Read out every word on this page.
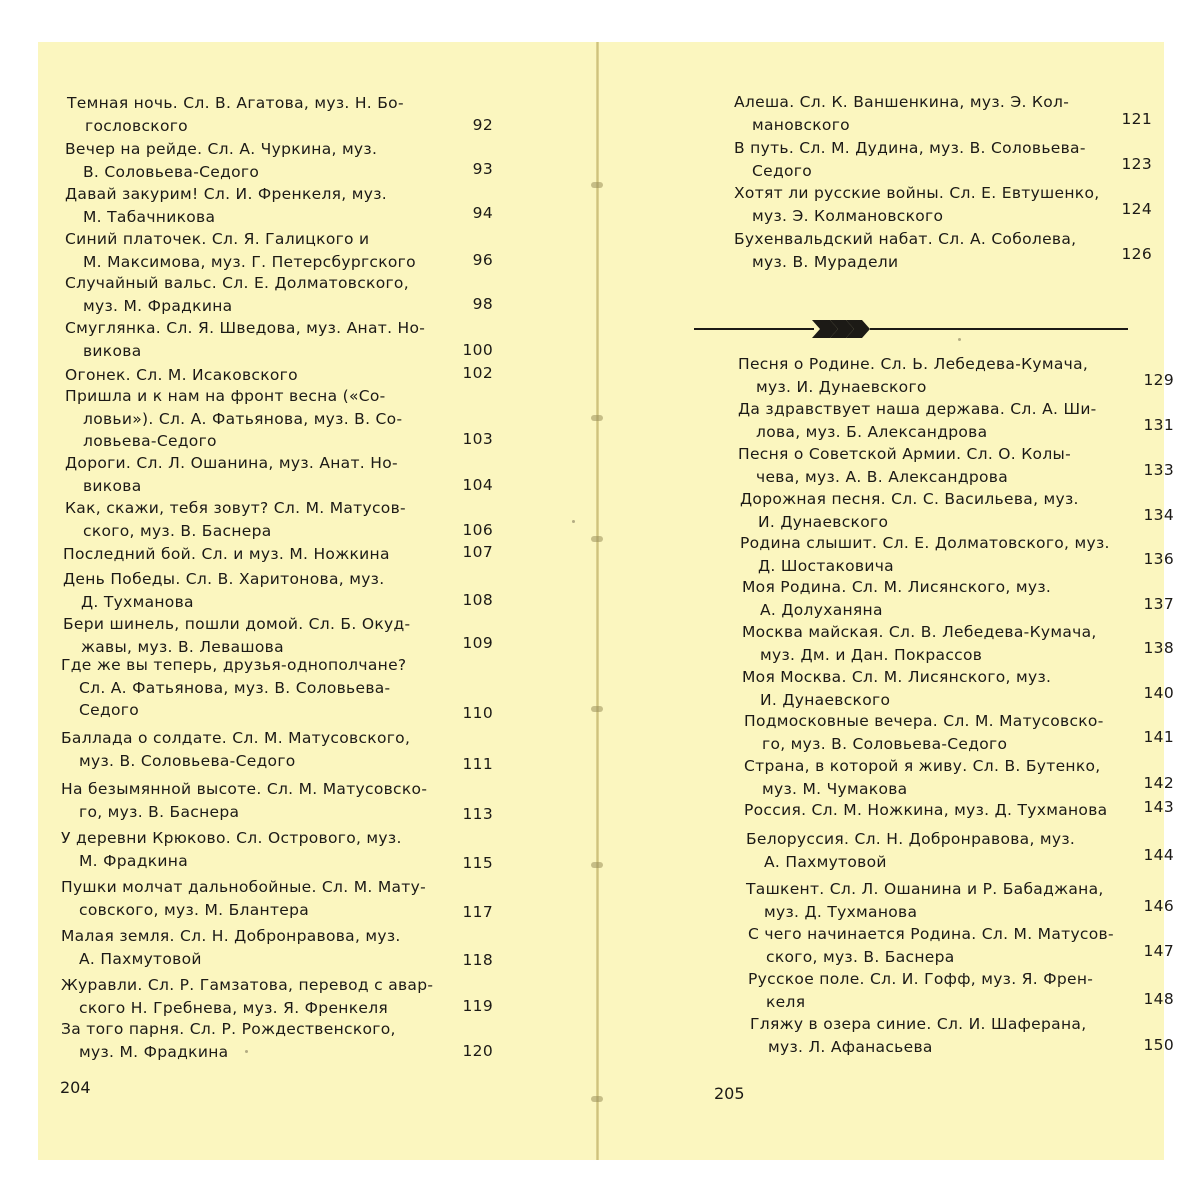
Темная ночь. Сл. В. Агатова, муз. Н. Бо-
гословского	92
Вечер на рейде. Сл. А. Чуркина, муз.
В. Соловьева-Седого	93
Давай закурим! Сл. И. Френкеля, муз.
М. Табачникова	94
Синий платочек. Сл. Я. Галицкого и
М. Максимова, муз. Г. Петерсбургского	96
Случайный вальс. Сл. Е. Долматовского,
муз. М. Фрадкина	98
Смуглянка. Сл. Я. Шведова, муз. Анат. Но-
викова	100
Огонек. Сл. М. Исаковского	102
Пришла и к нам на фронт весна («Со-
ловьи»). Сл. А. Фатьянова, муз. В. Со-
ловьева-Седого	103
Дороги. Сл. Л. Ошанина, муз. Анат. Но-
викова	104
Как, скажи, тебя зовут? Сл. М. Матусов-
ского, муз. В. Баснера	106
Последний бой. Сл. и муз. М. Ножкина	107
День Победы. Сл. В. Харитонова, муз.
Д. Тухманова	108
Бери шинель, пошли домой. Сл. Б. Окуд-
жавы, муз. В. Левашова	109
Где же вы теперь, друзья-однополчане?
Сл. А. Фатьянова, муз. В. Соловьева-
Седого	110
Баллада о солдате. Сл. М. Матусовского,
муз. В. Соловьева-Седого	111
На безымянной высоте. Сл. М. Матусовско-
го, муз. В. Баснера	113
У деревни Крюково. Сл. Острового, муз.
М. Фрадкина	115
Пушки молчат дальнобойные. Сл. М. Мату-
совского, муз. М. Блантера	117
Малая земля. Сл. Н. Добронравова, муз.
А. Пахмутовой	118
Журавли. Сл. Р. Гамзатова, перевод с авар-
ского Н. Гребнева, муз. Я. Френкеля	119
За того парня. Сл. Р. Рождественского,
муз. М. Фрадкина	120
204
Алеша. Сл. К. Ваншенкина, муз. Э. Кол-
мановского	121
В путь. Сл. М. Дудина, муз. В. Соловьева-
Седого	123
Хотят ли русские войны. Сл. Е. Евтушенко,
муз. Э. Колмановского	124
Бухенвальдский набат. Сл. А. Соболева,
муз. В. Мурадели	126
Песня о Родине. Сл. Ь. Лебедева-Кумача,
муз. И. Дунаевского	129
Да здравствует наша держава. Сл. А. Ши-
лова, муз. Б. Александрова	131
Песня о Советской Армии. Сл. О. Колы-
чева, муз. А. В. Александрова	133
Дорожная песня. Сл. С. Васильева, муз.
И. Дунаевского	134
Родина слышит. Сл. Е. Долматовского, муз.
Д. Шостаковича	136
Моя Родина. Сл. М. Лисянского, муз.
А. Долуханяна	137
Москва майская. Сл. В. Лебедева-Кумача,
муз. Дм. и Дан. Покрассов	138
Моя Москва. Сл. М. Лисянского, муз.
И. Дунаевского	140
Подмосковные вечера. Сл. М. Матусовско-
го, муз. В. Соловьева-Седого	141
Страна, в которой я живу. Сл. В. Бутенко,
муз. М. Чумакова	142
Россия. Сл. М. Ножкина, муз. Д. Тухманова	143
Белоруссия. Сл. Н. Добронравова, муз.
А. Пахмутовой	144
Ташкент. Сл. Л. Ошанина и Р. Бабаджана,
муз. Д. Тухманова	146
С чего начинается Родина. Сл. М. Матусов-
ского, муз. В. Баснера	147
Русское поле. Сл. И. Гофф, муз. Я. Френ-
келя	148
Гляжу в озера синие. Сл. И. Шаферана,
муз. Л. Афанасьева	150
205
